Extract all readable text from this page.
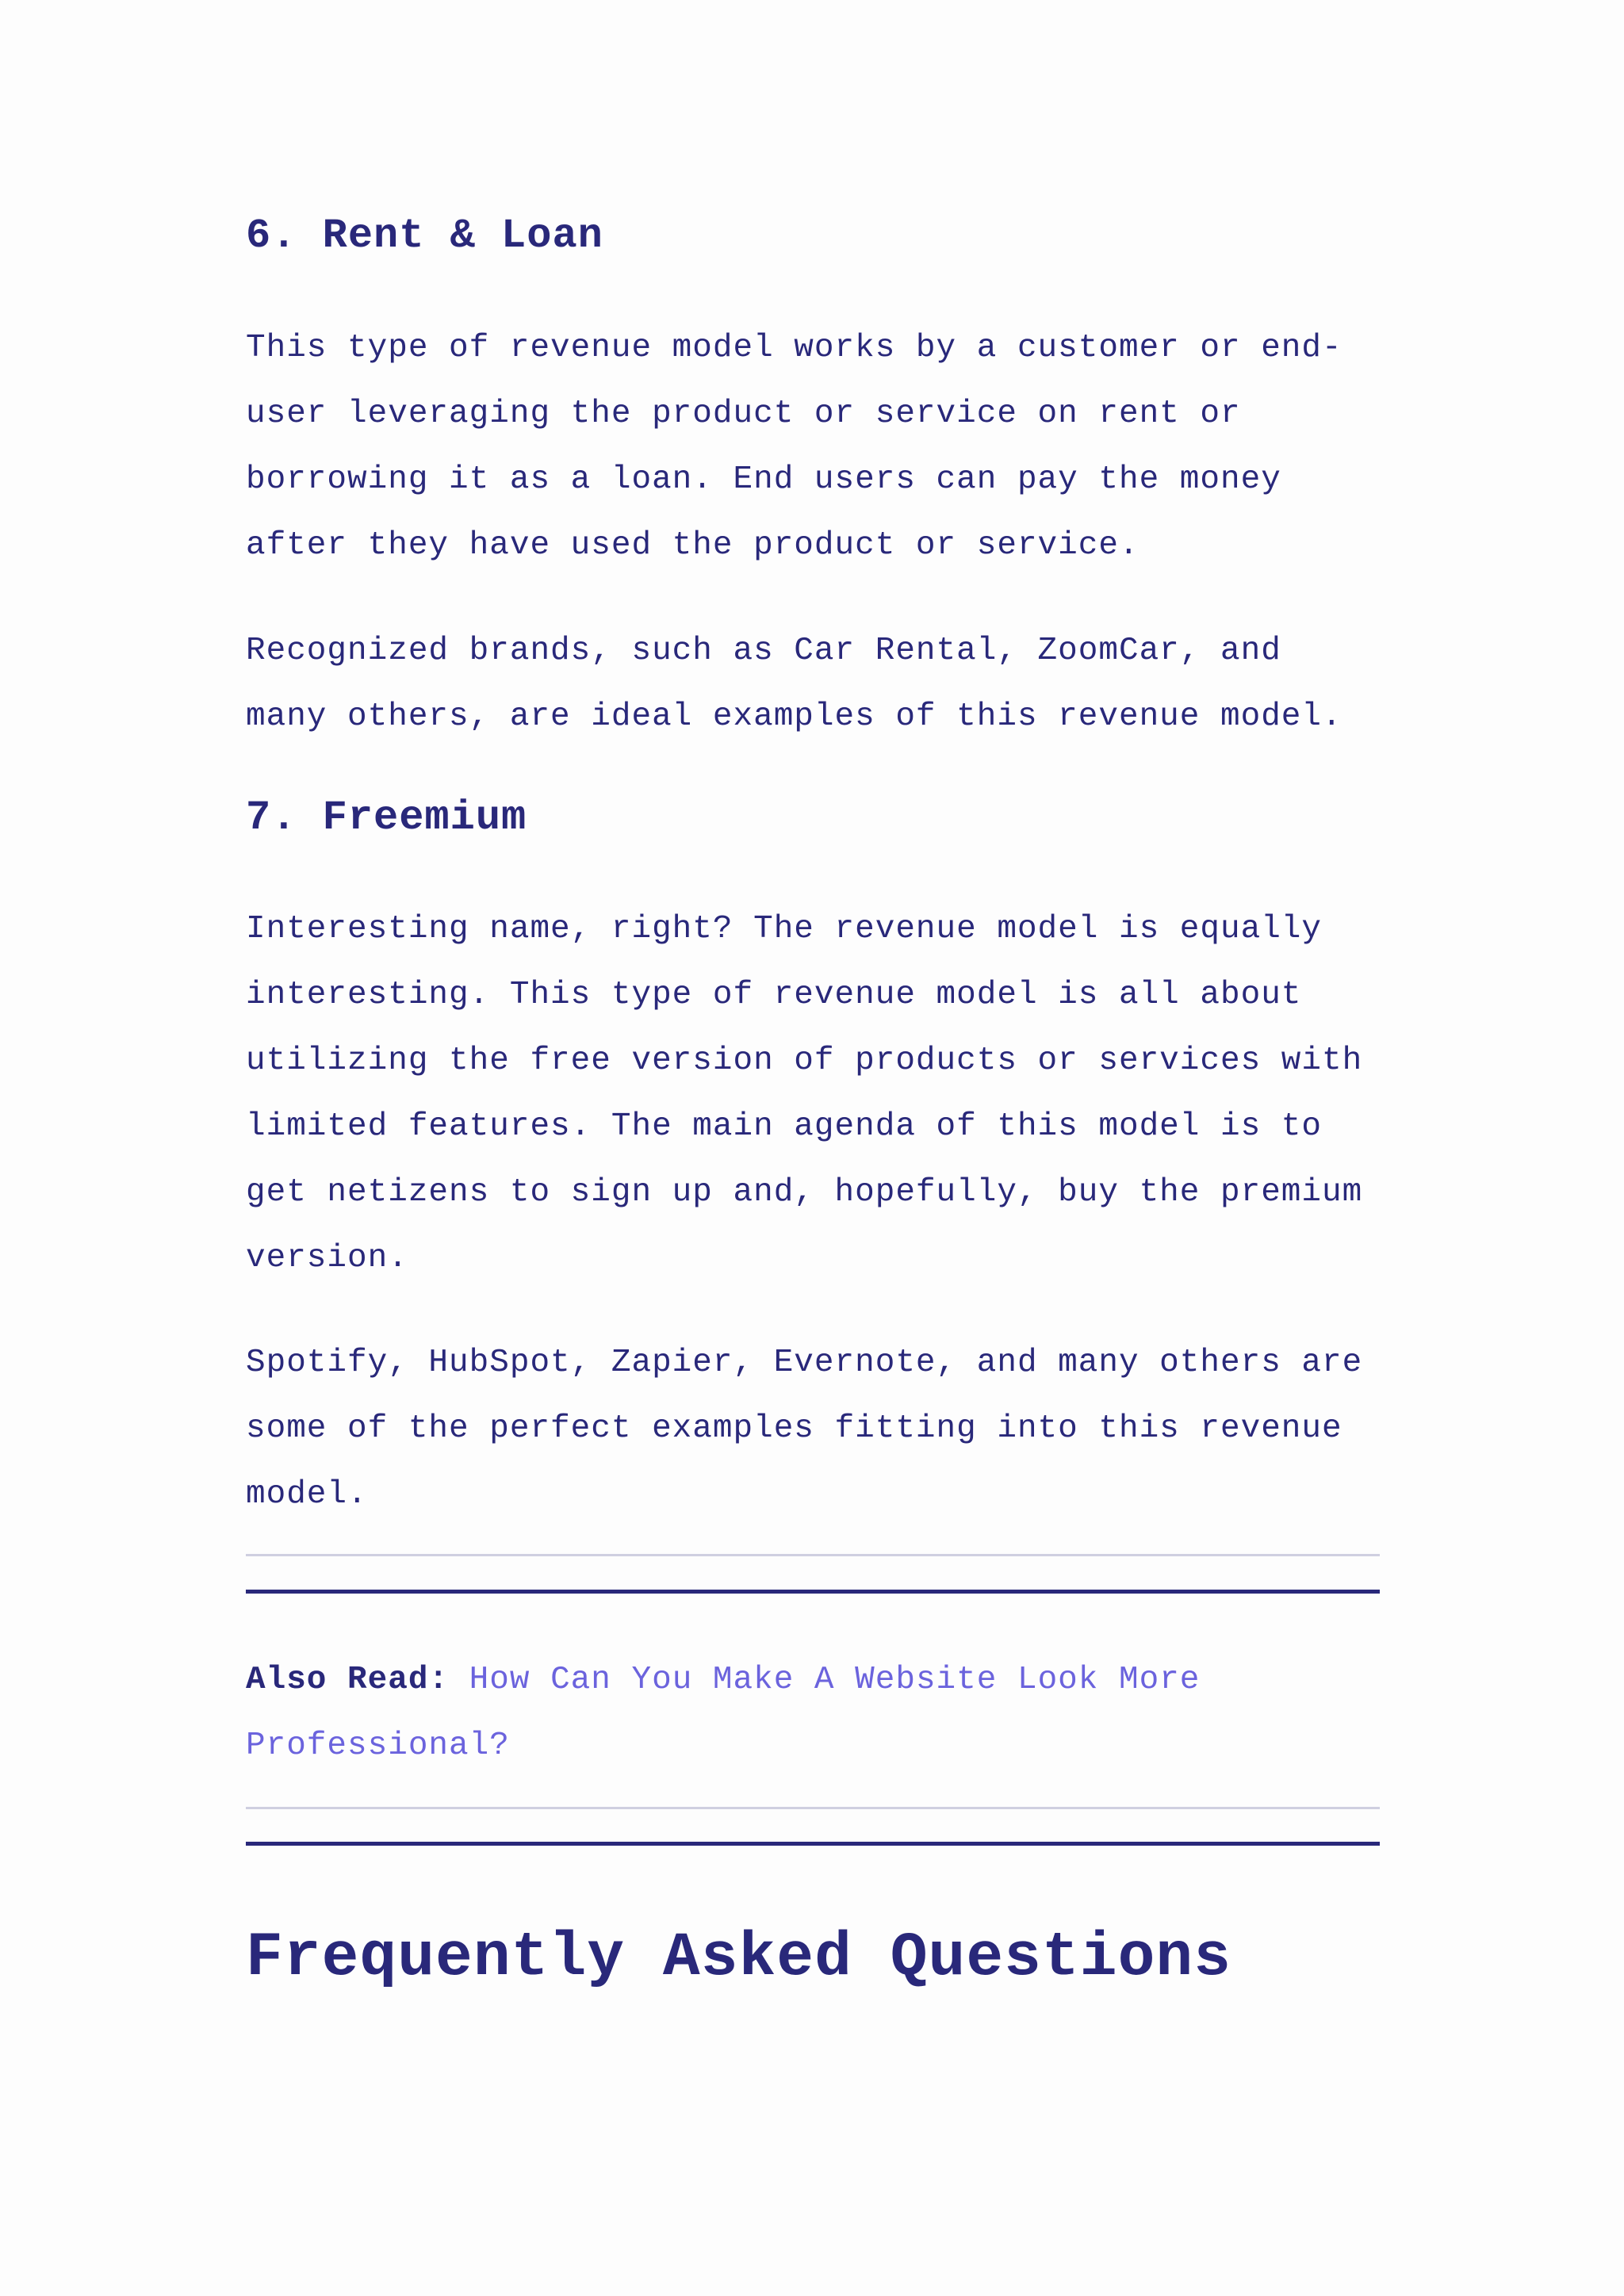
6. Rent & Loan

This type of revenue model works by a customer or end-
user leveraging the product or service on rent or
borrowing it as a loan. End users can pay the money
after they have used the product or service.

Recognized brands, such as Car Rental, ZoomCar, and
many others, are ideal examples of this revenue model.

7. Freemium

Interesting name, right? The revenue model is equally
interesting. This type of revenue model is all about
utilizing the free version of products or services with
limited features. The main agenda of this model is to
get netizens to sign up and, hopefully, buy the premium
version.

Spotify, HubSpot, Zapier, Evernote, and many others are
some of the perfect examples fitting into this revenue
model.

Also Read: How Can You Make A Website Look More
Professional?

Frequently Asked Questions
